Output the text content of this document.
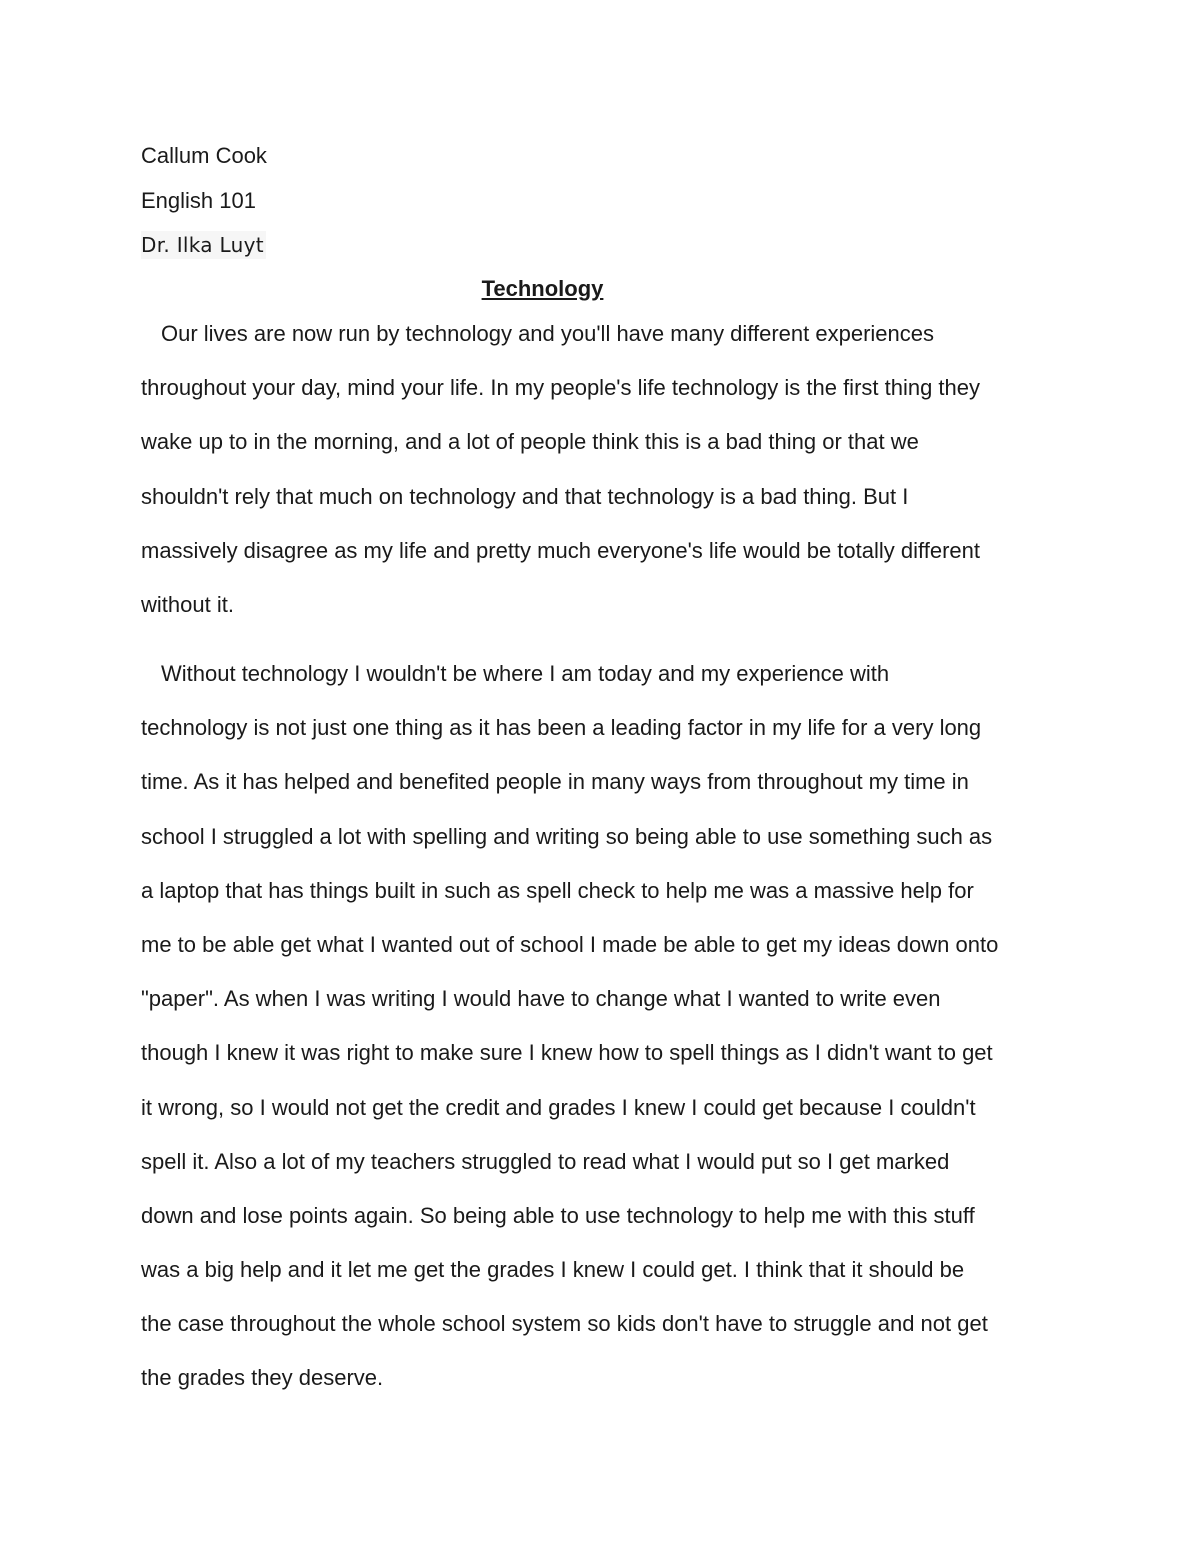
Callum Cook
English 101
Dr. Ilka Luyt
Technology
Our lives are now run by technology and you'll have many different experiences
throughout your day, mind your life. In my people's life technology is the first thing they
wake up to in the morning, and a lot of people think this is a bad thing or that we
shouldn't rely that much on technology and that technology is a bad thing. But I
massively disagree as my life and pretty much everyone's life would be totally different
without it.
Without technology I wouldn't be where I am today and my experience with
technology is not just one thing as it has been a leading factor in my life for a very long
time. As it has helped and benefited people in many ways from throughout my time in
school I struggled a lot with spelling and writing so being able to use something such as
a laptop that has things built in such as spell check to help me was a massive help for
me to be able get what I wanted out of school I made be able to get my ideas down onto
"paper". As when I was writing I would have to change what I wanted to write even
though I knew it was right to make sure I knew how to spell things as I didn't want to get
it wrong, so I would not get the credit and grades I knew I could get because I couldn't
spell it. Also a lot of my teachers struggled to read what I would put so I get marked
down and lose points again. So being able to use technology to help me with this stuff
was a big help and it let me get the grades I knew I could get. I think that it should be
the case throughout the whole school system so kids don't have to struggle and not get
the grades they deserve.
